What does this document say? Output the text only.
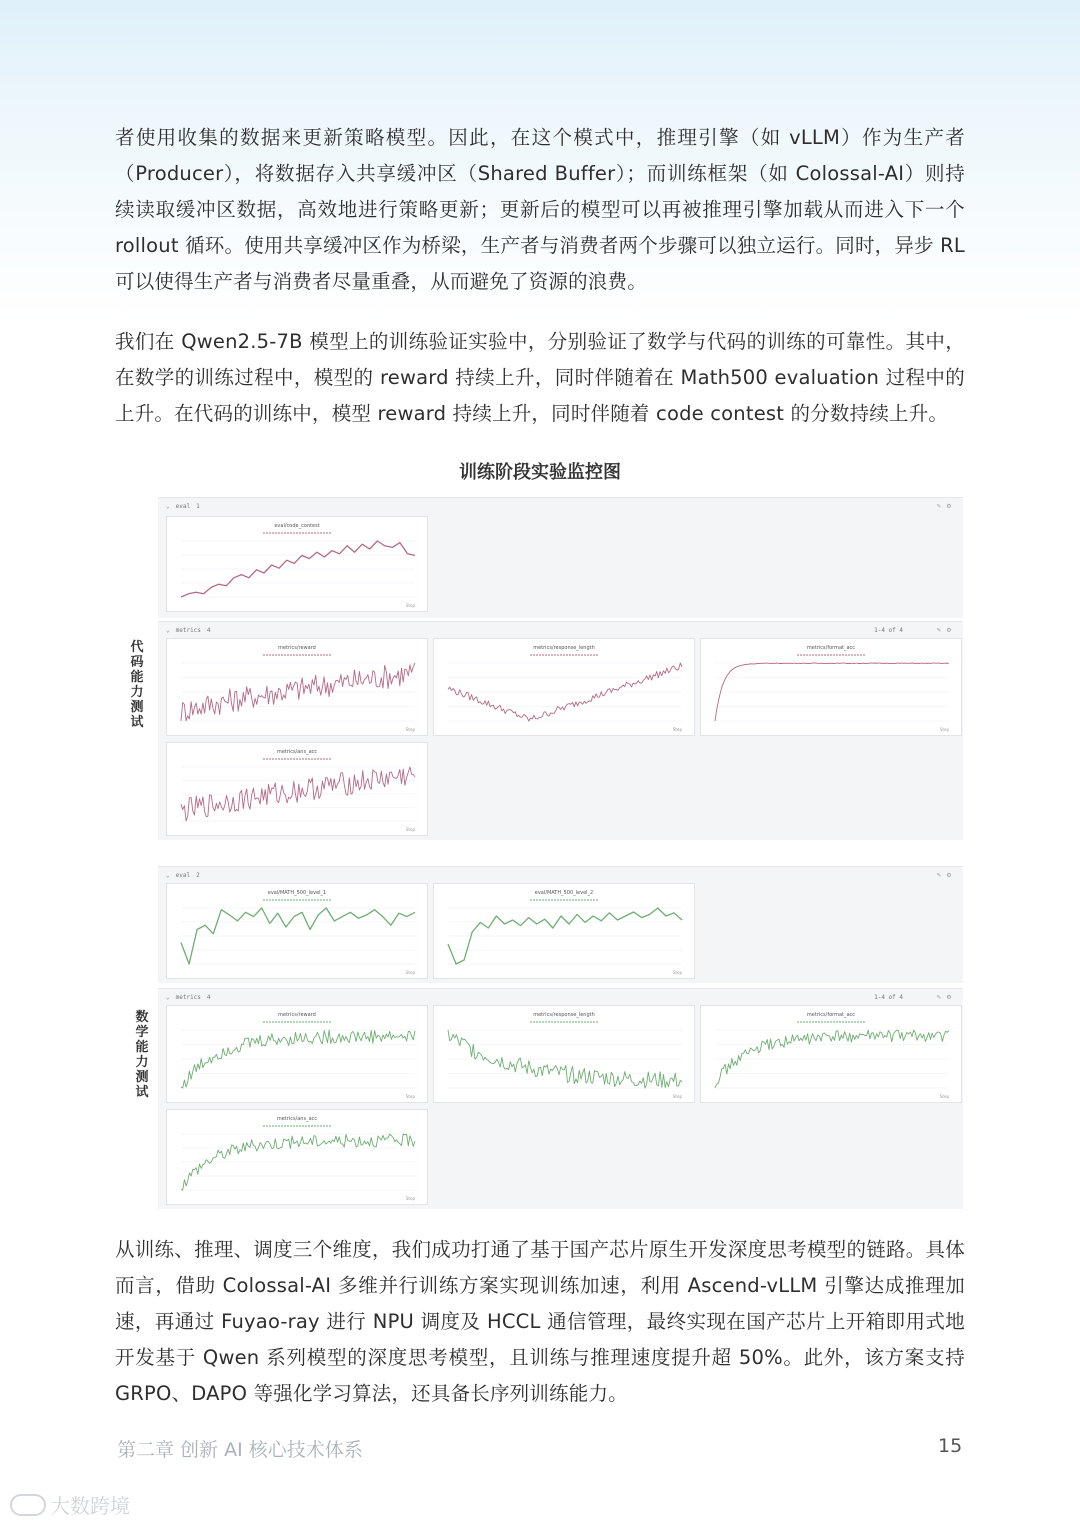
者使用收集的数据来更新策略模型。因此，在这个模式中，推理引擎（如 vLLM）作为生产者（Producer），将数据存入共享缓冲区（Shared Buffer）；而训练框架（如 Colossal-AI）则持续读取缓冲区数据，高效地进行策略更新；更新后的模型可以再被推理引擎加载从而进入下一个 rollout 循环。使用共享缓冲区作为桥梁，生产者与消费者两个步骤可以独立运行。同时，异步 RL 可以使得生产者与消费者尽量重叠，从而避免了资源的浪费。

我们在 Qwen2.5-7B 模型上的训练验证实验中，分别验证了数学与代码的训练的可靠性。其中，在数学的训练过程中，模型的 reward 持续上升，同时伴随着在 Math500 evaluation 过程中的上升。在代码的训练中，模型 reward 持续上升，同时伴随着 code contest 的分数持续上升。

训练阶段实验监控图
代码能力测试
数学能力测试
⌄ eval 1	✎⚙
eval/code_contest
Step
⌄ metrics 4	1-4 of 4	✎⚙
metrics/reward
Step
metrics/response_length
Step
metrics/format_acc
Step
metrics/ans_acc
Step
⌄ eval 2	✎⚙
eval/MATH_500_level_1
Step
eval/MATH_500_level_2
Step
⌄ metrics 4	1-4 of 4	✎⚙
metrics/reward
Step
metrics/response_length
Step
metrics/format_acc
Step
metrics/ans_acc
Step

从训练、推理、调度三个维度，我们成功打通了基于国产芯片原生开发深度思考模型的链路。具体而言，借助 Colossal-AI 多维并行训练方案实现训练加速，利用 Ascend-vLLM 引擎达成推理加速，再通过 Fuyao-ray 进行 NPU 调度及 HCCL 通信管理，最终实现在国产芯片上开箱即用式地开发基于 Qwen 系列模型的深度思考模型，且训练与推理速度提升超 50%。此外，该方案支持 GRPO、DAPO 等强化学习算法，还具备长序列训练能力。

第二章 创新 AI 核心技术体系	15
大数跨境
